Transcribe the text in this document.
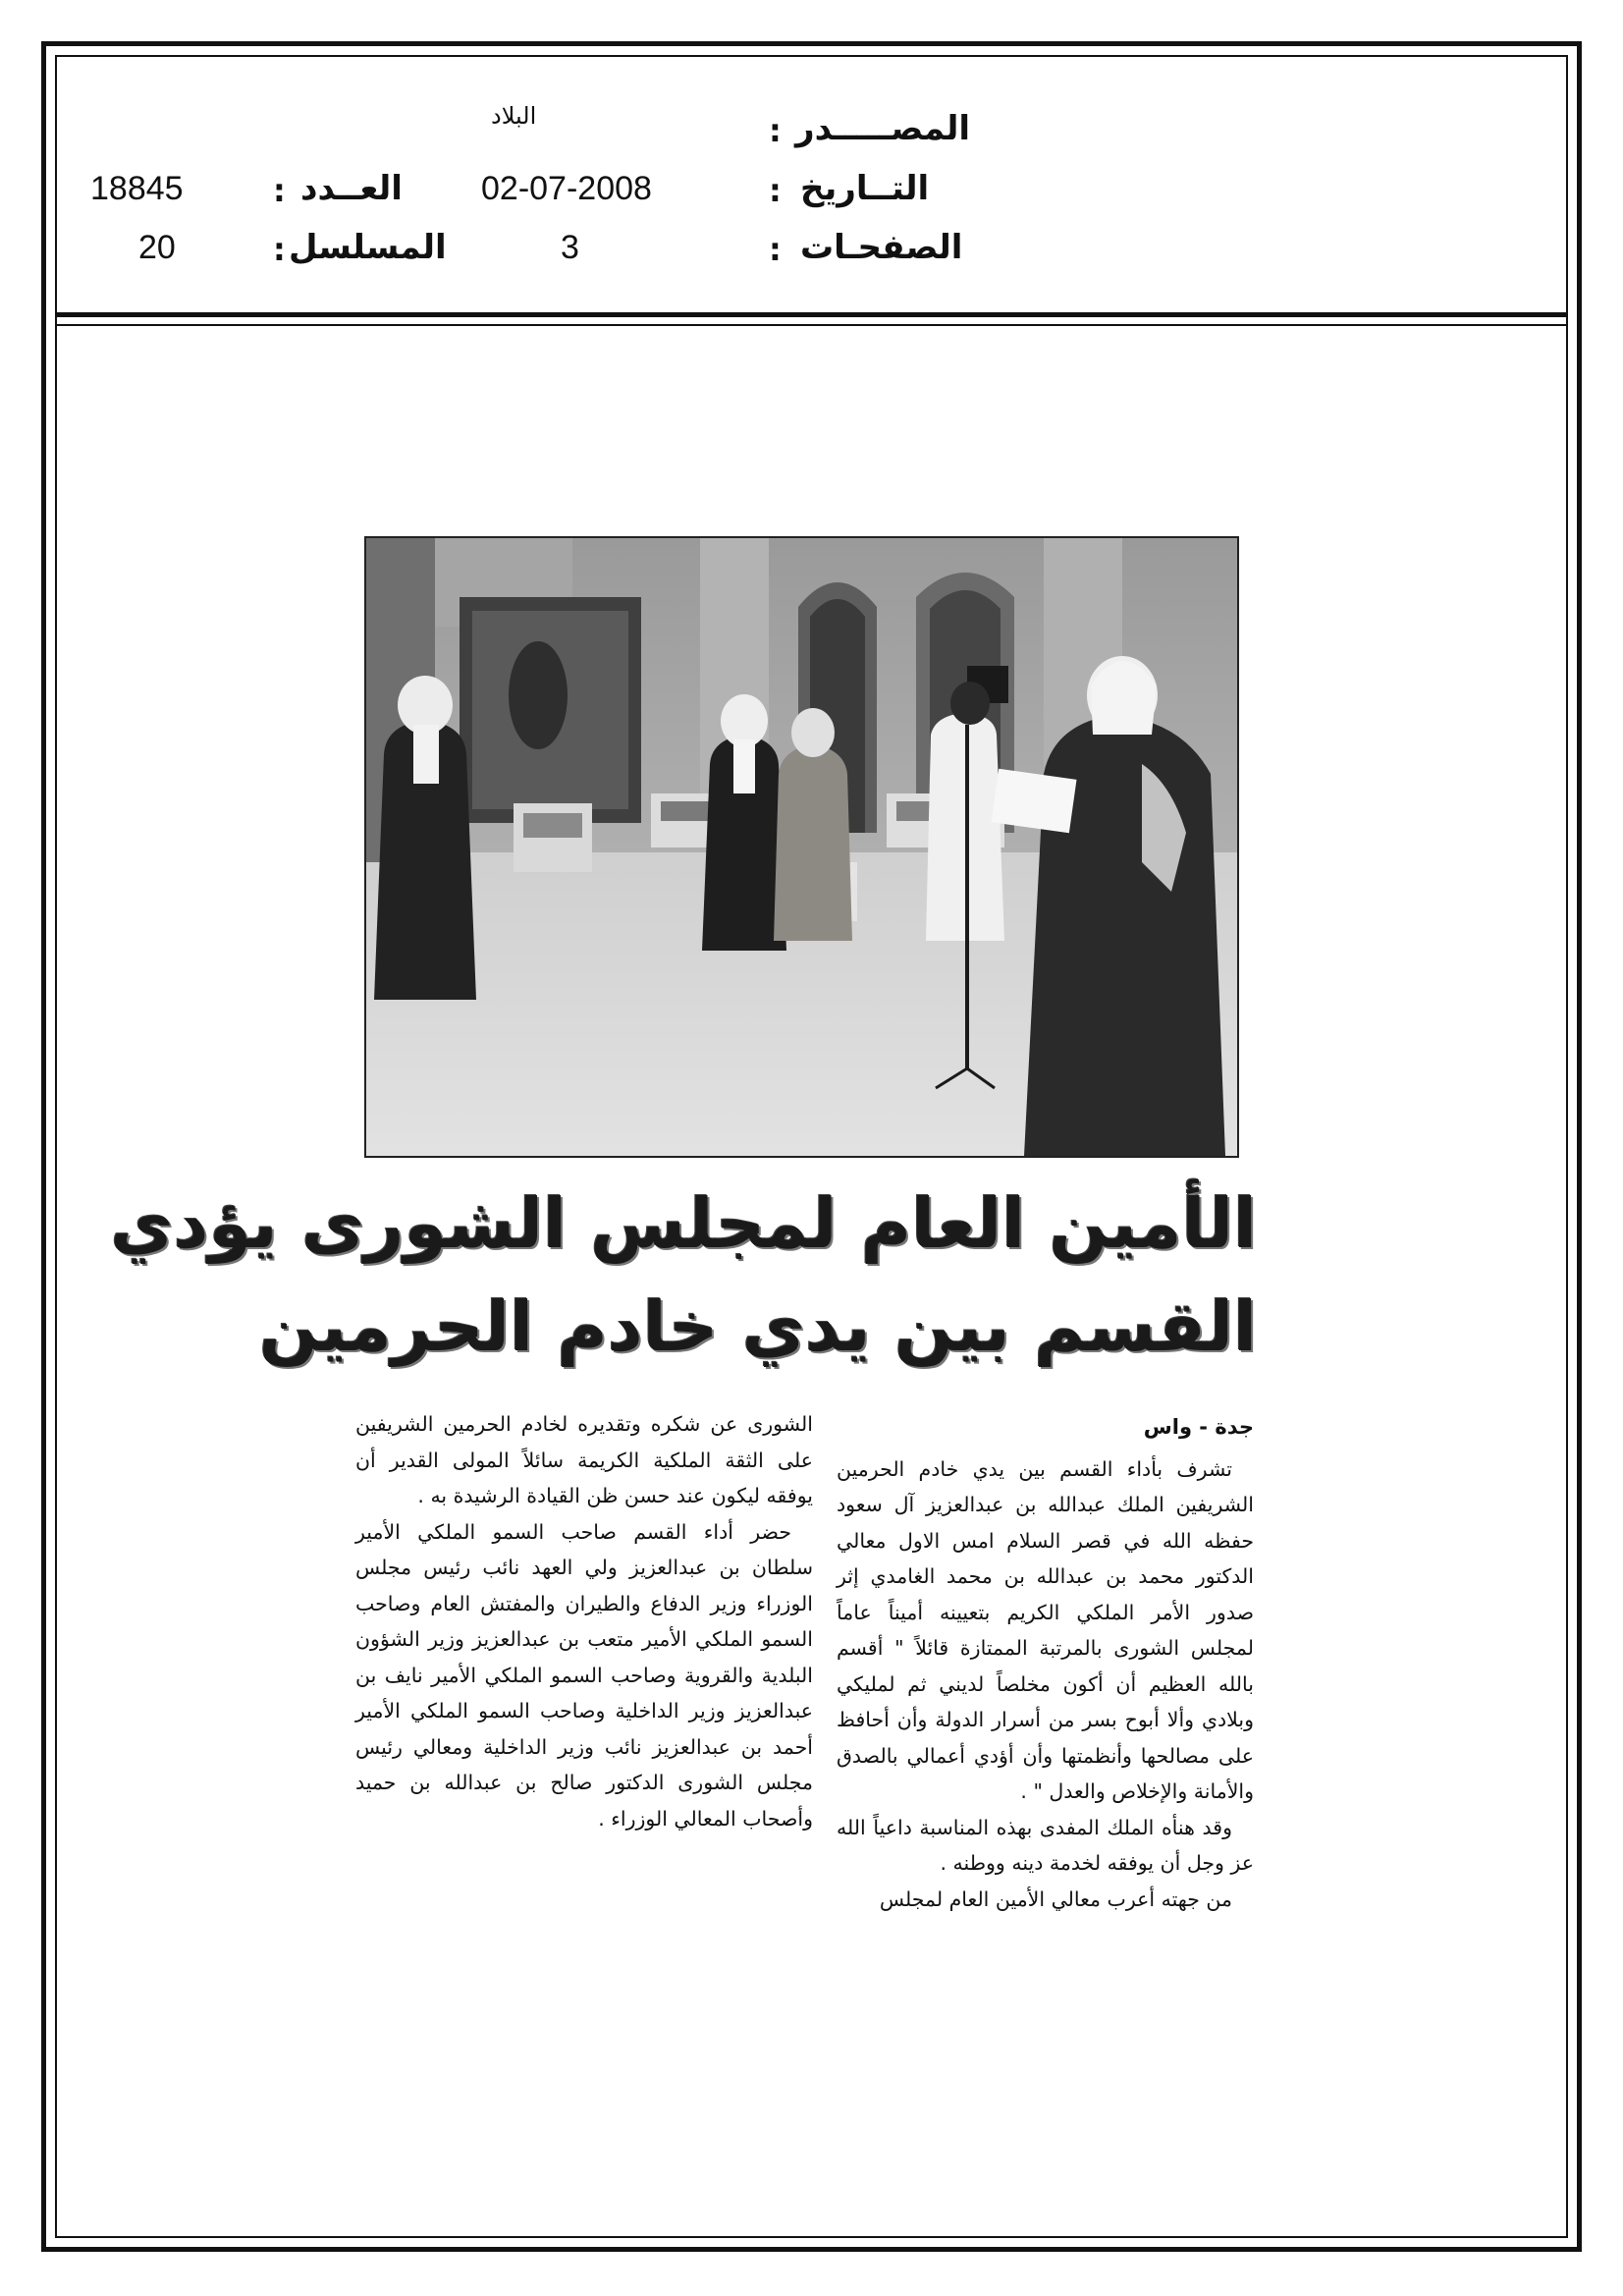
المصـــــدر
:
البلاد
التــاريخ
:
02-07-2008
الصفحـات
:
3
العــدد
:
18845
المسلسل
:
20
الأمين العام لمجلس الشورى يؤدي
القسم بين يدي خادم الحرمين

جدة - واس

تشرف بأداء القسم بين يدي خادم الحرمين الشريفين الملك عبدالله بن عبدالعزيز آل سعود حفظه الله في قصر السلام امس الاول معالي الدكتور محمد بن عبدالله بن محمد الغامدي إثر صدور الأمر الملكي الكريم بتعيينه أميناً عاماً لمجلس الشورى بالمرتبة الممتازة قائلاً " أقسم بالله العظيم أن أكون مخلصاً لديني ثم لمليكي وبلادي وألا أبوح بسر من أسرار الدولة وأن أحافظ على مصالحها وأنظمتها وأن أؤدي أعمالي بالصدق والأمانة والإخلاص والعدل " .

وقد هنأه الملك المفدى بهذه المناسبة داعياً الله عز وجل أن يوفقه لخدمة دينه ووطنه .

من جهته أعرب معالي الأمين العام لمجلس

الشورى عن شكره وتقديره لخادم الحرمين الشريفين على الثقة الملكية الكريمة سائلاً المولى القدير أن يوفقه ليكون عند حسن ظن القيادة الرشيدة به .

حضر أداء القسم صاحب السمو الملكي الأمير سلطان بن عبدالعزيز ولي العهد نائب رئيس مجلس الوزراء وزير الدفاع والطيران والمفتش العام وصاحب السمو الملكي الأمير متعب بن عبدالعزيز وزير الشؤون البلدية والقروية وصاحب السمو الملكي الأمير نايف بن عبدالعزيز وزير الداخلية وصاحب السمو الملكي الأمير أحمد بن عبدالعزيز نائب وزير الداخلية ومعالي رئيس مجلس الشورى الدكتور صالح بن عبدالله بن حميد وأصحاب المعالي الوزراء .
